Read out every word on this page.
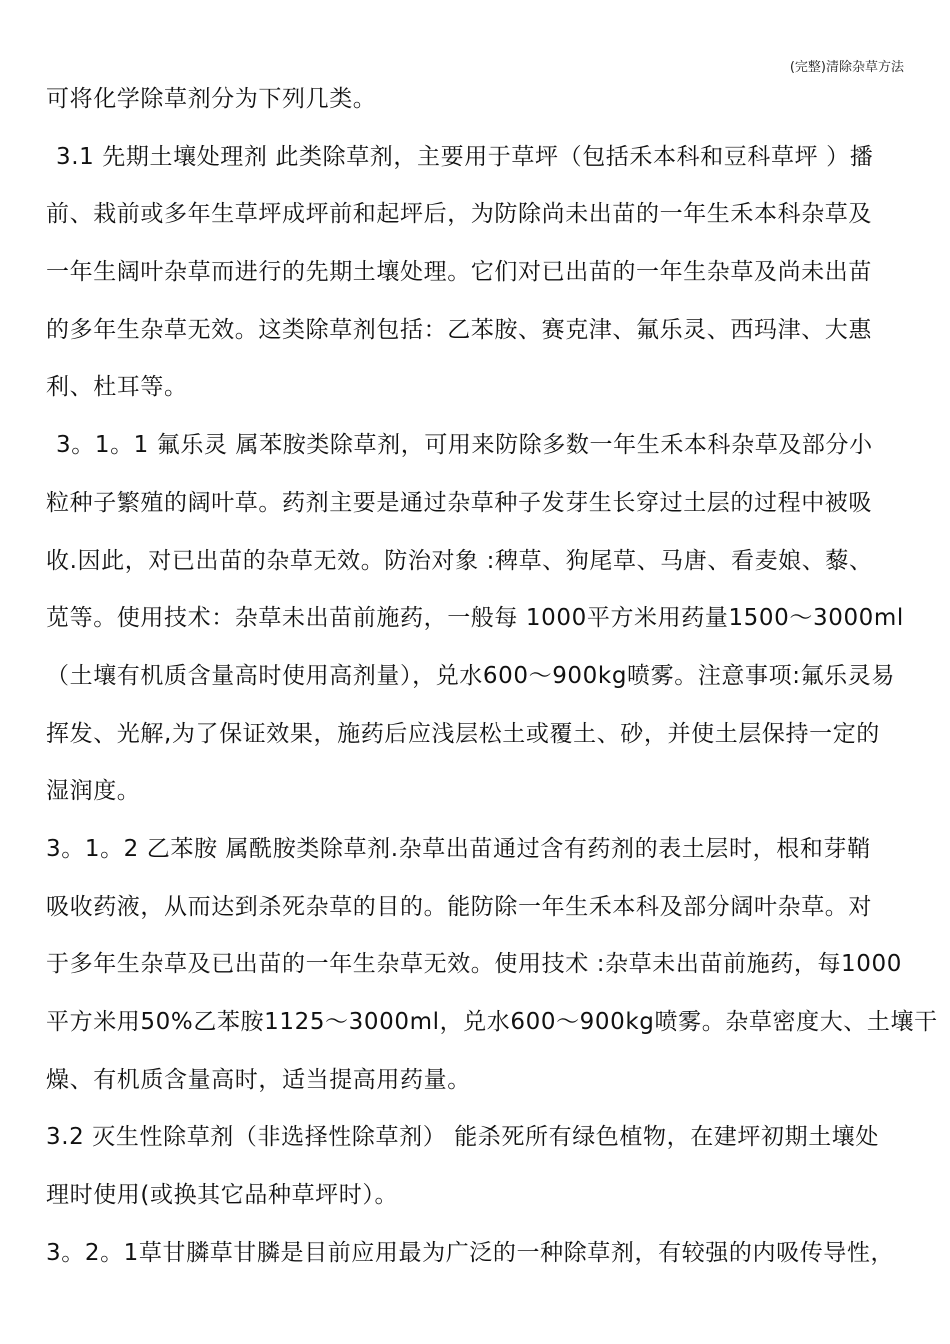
(完整)清除杂草方法
可将化学除草剂分为下列几类。
3.1 先期土壤处理剂 此类除草剂，主要用于草坪（包括禾本科和豆科草坪 ）播
前、栽前或多年生草坪成坪前和起坪后，为防除尚未出苗的一年生禾本科杂草及
一年生阔叶杂草而进行的先期土壤处理。它们对已出苗的一年生杂草及尚未出苗
的多年生杂草无效。这类除草剂包括：乙苯胺、赛克津、氟乐灵、西玛津、大惠
利、杜耳等。
3。1。1 氟乐灵 属苯胺类除草剂，可用来防除多数一年生禾本科杂草及部分小
粒种子繁殖的阔叶草。药剂主要是通过杂草种子发芽生长穿过土层的过程中被吸
收.因此，对已出苗的杂草无效。防治对象 :稗草、狗尾草、马唐、看麦娘、藜、
苋等。使用技术：杂草未出苗前施药，一般每 1000平方米用药量1500～3000ml
（土壤有机质含量高时使用高剂量），兑水600～900kg喷雾。注意事项:氟乐灵易
挥发、光解,为了保证效果，施药后应浅层松土或覆土、砂，并使土层保持一定的
湿润度。
3。1。2 乙苯胺 属酰胺类除草剂.杂草出苗通过含有药剂的表土层时，根和芽鞘
吸收药液，从而达到杀死杂草的目的。能防除一年生禾本科及部分阔叶杂草。对
于多年生杂草及已出苗的一年生杂草无效。使用技术 :杂草未出苗前施药，每1000
平方米用50%乙苯胺1125～3000ml，兑水600～900kg喷雾。杂草密度大、土壤干
燥、有机质含量高时，适当提高用药量。
3.2 灭生性除草剂（非选择性除草剂） 能杀死所有绿色植物，在建坪初期土壤处
理时使用(或换其它品种草坪时）。
3。2。1草甘膦草甘膦是目前应用最为广泛的一种除草剂，有较强的内吸传导性，
